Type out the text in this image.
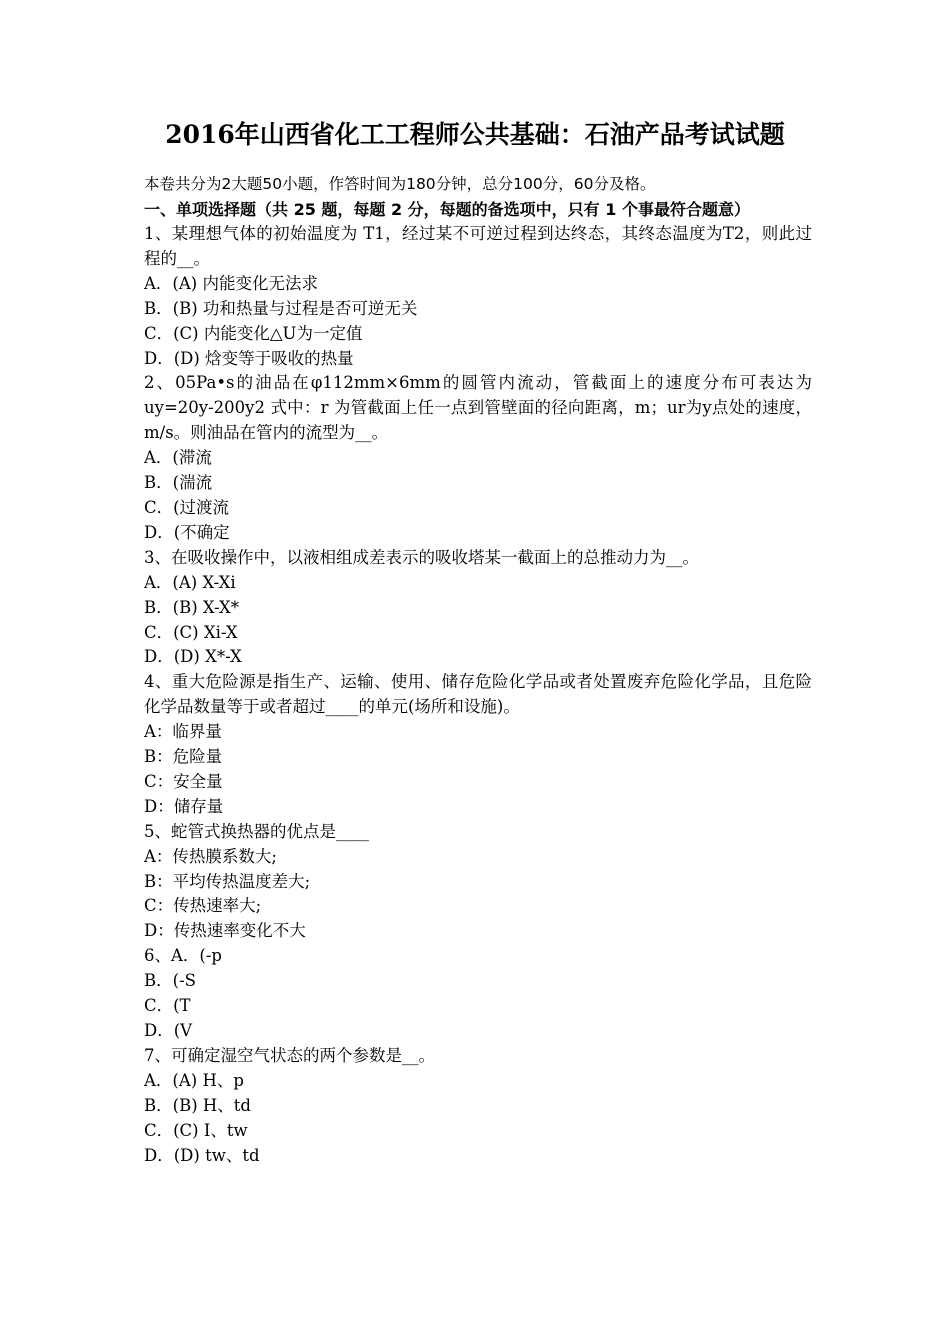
2016年山西省化工工程师公共基础：石油产品考试试题
本卷共分为2大题50小题，作答时间为180分钟，总分100分，60分及格。
一、单项选择题（共 25 题，每题 2 分，每题的备选项中，只有 1 个事最符合题意）
1、某理想气体的初始温度为 T1，经过某不可逆过程到达终态，其终态温度为T2，则此过程的__。
A．(A) 内能变化无法求
B．(B) 功和热量与过程是否可逆无关
C．(C) 内能变化△U为一定值
D．(D) 焓变等于吸收的热量
2、05Pa•s的油品在φ112mm×6mm的圆管内流动，管截面上的速度分布可表达为 uy=20y-200y2 式中：r 为管截面上任一点到管壁面的径向距离，m；ur为y点处的速度，m/s。则油品在管内的流型为__。
A．(滞流
B．(湍流
C．(过渡流
D．(不确定
3、在吸收操作中，以液相组成差表示的吸收塔某一截面上的总推动力为__。
A．(A) X-Xi
B．(B) X-X*
C．(C) Xi-X
D．(D) X*-X
4、重大危险源是指生产、运输、使用、储存危险化学品或者处置废弃危险化学品，且危险化学品数量等于或者超过____的单元(场所和设施)。
A：临界量
B：危险量
C：安全量
D：储存量
5、蛇管式换热器的优点是____
A：传热膜系数大;
B：平均传热温度差大;
C：传热速率大;
D：传热速率变化不大
6、A．(-p
B．(-S
C．(T
D．(V
7、可确定湿空气状态的两个参数是__。
A．(A) H、p
B．(B) H、td
C．(C) I、tw
D．(D) tw、td
